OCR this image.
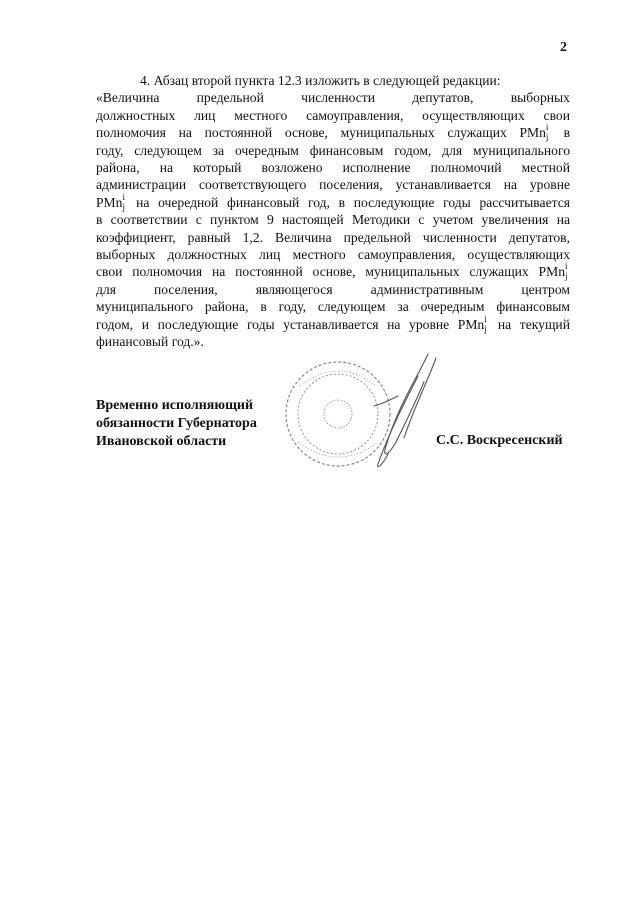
2

4. Абзац второй пункта 12.3 изложить в следующей редакции:

«Величина	предельной	численности	депутатов,	выборных
должностных лиц местного самоуправления, осуществляющих свои
полномочия на постоянной основе, муниципальных служащих PMn i
j в
году, следующем за очередным финансовым годом, для муниципального
района, на который возложено исполнение полномочий местной
администрации соответствующего поселения, устанавливается на уровне
PMn i
j на очередной финансовый год, в последующие годы рассчитывается
в соответствии с пунктом 9 настоящей Методики с учетом увеличения на
коэффициент, равный 1,2. Величина предельной численности депутатов,
выборных должностных лиц местного самоуправления, осуществляющих
свои полномочия на постоянной основе, муниципальных служащих PMn i
j
для	поселения,	являющегося	административным	центром
муниципального района, в году, следующем за очередным финансовым
годом, и последующие годы устанавливается на уровне PMn i
j на текущий
финансовый год.».
Временно исполняющий
обязанности Губернатора
Ивановской области	С.С. Воскресенский
